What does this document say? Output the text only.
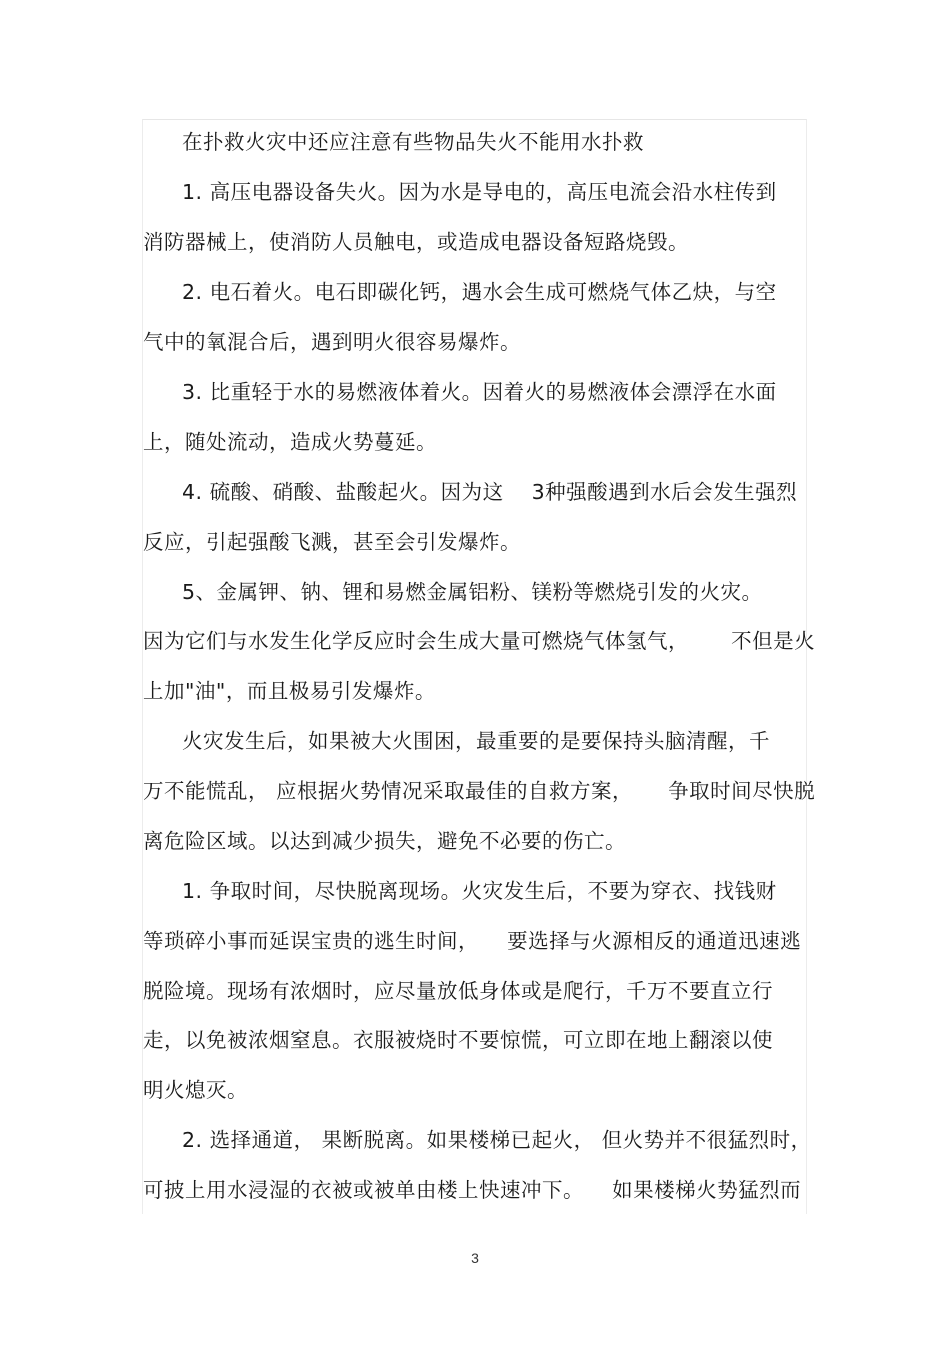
在扑救火灾中还应注意有些物品失火不能用水扑救
1. 高压电器设备失火。因为水是导电的，高压电流会沿水柱传到
消防器械上，使消防人员触电，或造成电器设备短路烧毁。
2. 电石着火。电石即碳化钙，遇水会生成可燃烧气体乙炔，与空
气中的氧混合后，遇到明火很容易爆炸。
3. 比重轻于水的易燃液体着火。因着火的易燃液体会漂浮在水面
上，随处流动，造成火势蔓延。
4. 硫酸、硝酸、盐酸起火。因为这    3种强酸遇到水后会发生强烈
反应，引起强酸飞溅，甚至会引发爆炸。
5、金属钾、钠、锂和易燃金属铝粉、镁粉等燃烧引发的火灾。
因为它们与水发生化学反应时会生成大量可燃烧气体氢气，      不但是火
上加"油"，而且极易引发爆炸。
火灾发生后，如果被大火围困，最重要的是要保持头脑清醒，千
万不能慌乱， 应根据火势情况采取最佳的自救方案，     争取时间尽快脱
离危险区域。以达到减少损失，避免不必要的伤亡。
1. 争取时间，尽快脱离现场。火灾发生后，不要为穿衣、找钱财
等琐碎小事而延误宝贵的逃生时间，    要选择与火源相反的通道迅速逃
脱险境。现场有浓烟时，应尽量放低身体或是爬行，千万不要直立行
走，以免被浓烟窒息。衣服被烧时不要惊慌，可立即在地上翻滚以使
明火熄灭。
2. 选择通道， 果断脱离。如果楼梯已起火， 但火势并不很猛烈时，
可披上用水浸湿的衣被或被单由楼上快速冲下。    如果楼梯火势猛烈而
3
